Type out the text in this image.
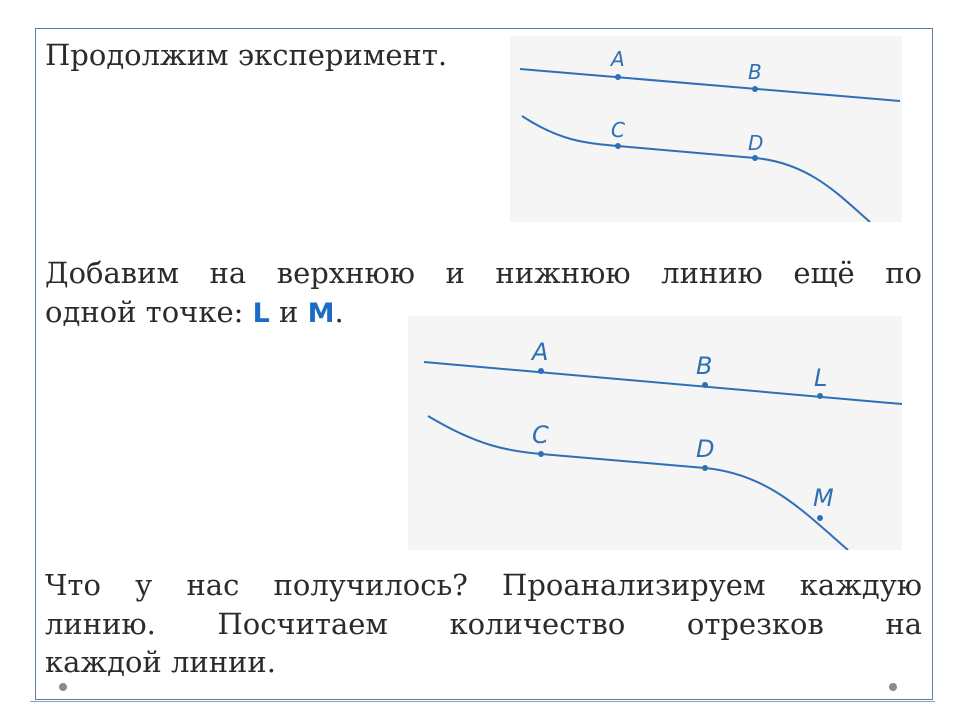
Продолжим эксперимент.	A
B
C
D
Добавим на верхнюю и нижнюю линию ещё по
одной точке: L и M.
A	B	L
C	D
M
Что у нас получилось? Проанализируем каждую
линию. Посчитаем количество отрезков на
каждой линии.
